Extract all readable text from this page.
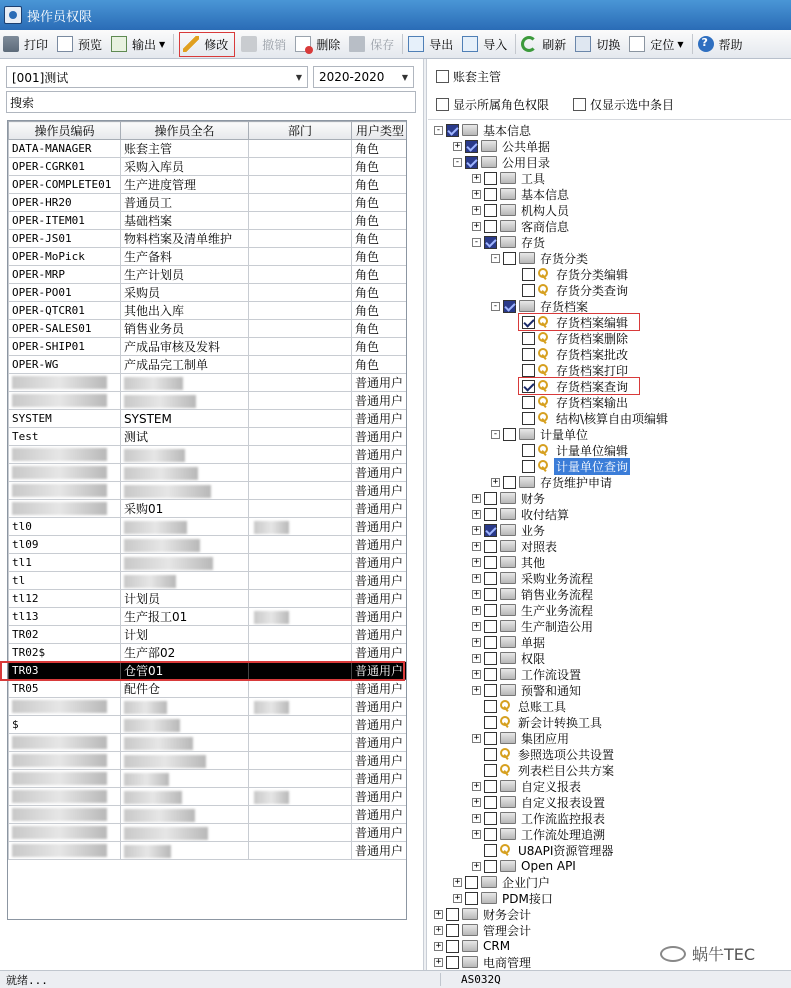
操作员权限
打印	预览	输出 ▼	修改	撤销	删除	保存	导出	导入	刷新	切换	定位 ▼ ?	帮助
[001]测试	▼ 2020-2020 ▼
搜索
操作员编码	操作员全名	部门	用户类型
DATA-MANAGER	账套主管		角色
OPER-CGRK01	采购入库员		角色
OPER-COMPLETE01	生产进度管理		角色
OPER-HR20	普通员工		角色
OPER-ITEM01	基础档案		角色
OPER-JS01	物料档案及清单维护		角色
OPER-MoPick	生产备料		角色
OPER-MRP	生产计划员		角色
OPER-PO01	采购员		角色
OPER-QTCR01	其他出入库		角色
OPER-SALES01	销售业务员		角色
OPER-SHIP01	产成品审核及发料		角色
OPER-WG	产成品完工制单		角色
			普通用户
			普通用户
SYSTEM	SYSTEM		普通用户
Test	测试		普通用户
			普通用户
			普通用户
			普通用户
	采购01		普通用户
tl0			普通用户
tl09			普通用户
tl1			普通用户
tl			普通用户
tl12	计划员		普通用户
tl13	生产报工01		普通用户
TR02	计划		普通用户
TR02$	生产部02		普通用户
TR03	仓管01		普通用户
TR05	配件仓		普通用户
			普通用户
$			普通用户
			普通用户
			普通用户
			普通用户
			普通用户
			普通用户
			普通用户
			普通用户
账套主管
显示所属角色权限	仅显示选中条目
-	基本信息
+	公共单据
-	公用目录
+	工具
+	基本信息
+	机构人员
+	客商信息
-	存货
-	存货分类
存货分类编辑
存货分类查询
-	存货档案
存货档案编辑
存货档案删除
存货档案批改
存货档案打印
存货档案查询
存货档案输出
结构\核算自由项编辑
-	计量单位
计量单位编辑
计量单位查询
+	存货维护申请
+	财务
+	收付结算
+	业务
+	对照表
+	其他
+	采购业务流程
+	销售业务流程
+	生产业务流程
+	生产制造公用
+	单据
+	权限
+	工作流设置
+	预警和通知
总账工具
新会计转换工具
+	集团应用
参照选项公共设置
列表栏目公共方案
+	自定义报表
+	自定义报表设置
+	工作流监控报表
+	工作流处理追溯
U8API资源管理器
+	Open API
+	企业门户
+	PDM接口
+	财务会计
+	管理会计
+	CRM
+	电商管理
就绪...	AS032Q
蜗牛TEC
